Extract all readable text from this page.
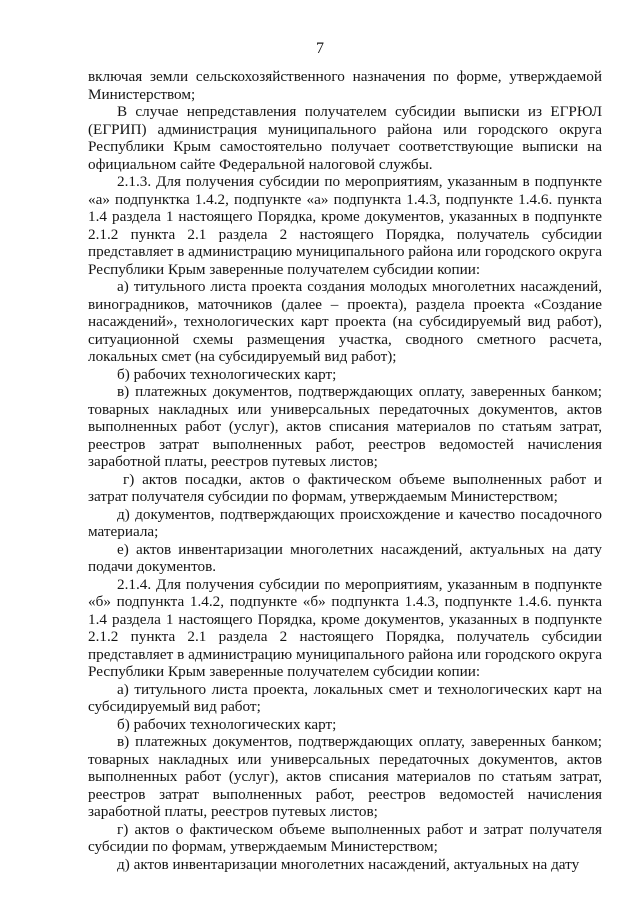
7

включая земли сельскохозяйственного назначения по форме, утверждаемой Министерством;

В случае непредставления получателем субсидии выписки из ЕГРЮЛ (ЕГРИП) администрация муниципального района или городского округа Республики Крым самостоятельно получает соответствующие выписки на официальном сайте Федеральной налоговой службы.

2.1.3. Для получения субсидии по мероприятиям, указанным в подпункте «а» подпунктка 1.4.2, подпункте «а» подпункта 1.4.3, подпункте 1.4.6. пункта 1.4 раздела 1 настоящего Порядка, кроме документов, указанных в подпункте 2.1.2 пункта 2.1 раздела 2 настоящего Порядка, получатель субсидии представляет в администрацию муниципального района или городского округа Республики Крым заверенные получателем субсидии копии:

а) титульного листа проекта создания молодых многолетних насаждений, виноградников, маточников (далее – проекта), раздела проекта «Создание насаждений», технологических карт проекта (на субсидируемый вид работ), ситуационной схемы размещения участка, сводного сметного расчета, локальных смет (на субсидируемый вид работ);

б) рабочих технологических карт;

в) платежных документов, подтверждающих оплату, заверенных банком; товарных накладных или универсальных передаточных документов, актов выполненных работ (услуг), актов списания материалов по статьям затрат, реестров затрат выполненных работ, реестров ведомостей начисления заработной платы, реестров путевых листов;

г) актов посадки, актов о фактическом объеме выполненных работ и затрат получателя субсидии по формам, утверждаемым Министерством;

д) документов, подтверждающих происхождение и качество посадочного материала;

е) актов инвентаризации многолетних насаждений, актуальных на дату подачи документов.

2.1.4. Для получения субсидии по мероприятиям, указанным в подпункте «б» подпункта 1.4.2, подпункте «б» подпункта 1.4.3, подпункте 1.4.6. пункта 1.4 раздела 1 настоящего Порядка, кроме документов, указанных в подпункте 2.1.2 пункта 2.1 раздела 2 настоящего Порядка, получатель субсидии представляет в администрацию муниципального района или городского округа Республики Крым заверенные получателем субсидии копии:

а) титульного листа проекта, локальных смет и технологических карт на субсидируемый вид работ;

б) рабочих технологических карт;

в) платежных документов, подтверждающих оплату, заверенных банком; товарных накладных или универсальных передаточных документов, актов выполненных работ (услуг), актов списания материалов по статьям затрат, реестров затрат выполненных работ, реестров ведомостей начисления заработной платы, реестров путевых листов;

г) актов о фактическом объеме выполненных работ и затрат получателя субсидии по формам, утверждаемым Министерством;

д) актов инвентаризации многолетних насаждений, актуальных на дату
